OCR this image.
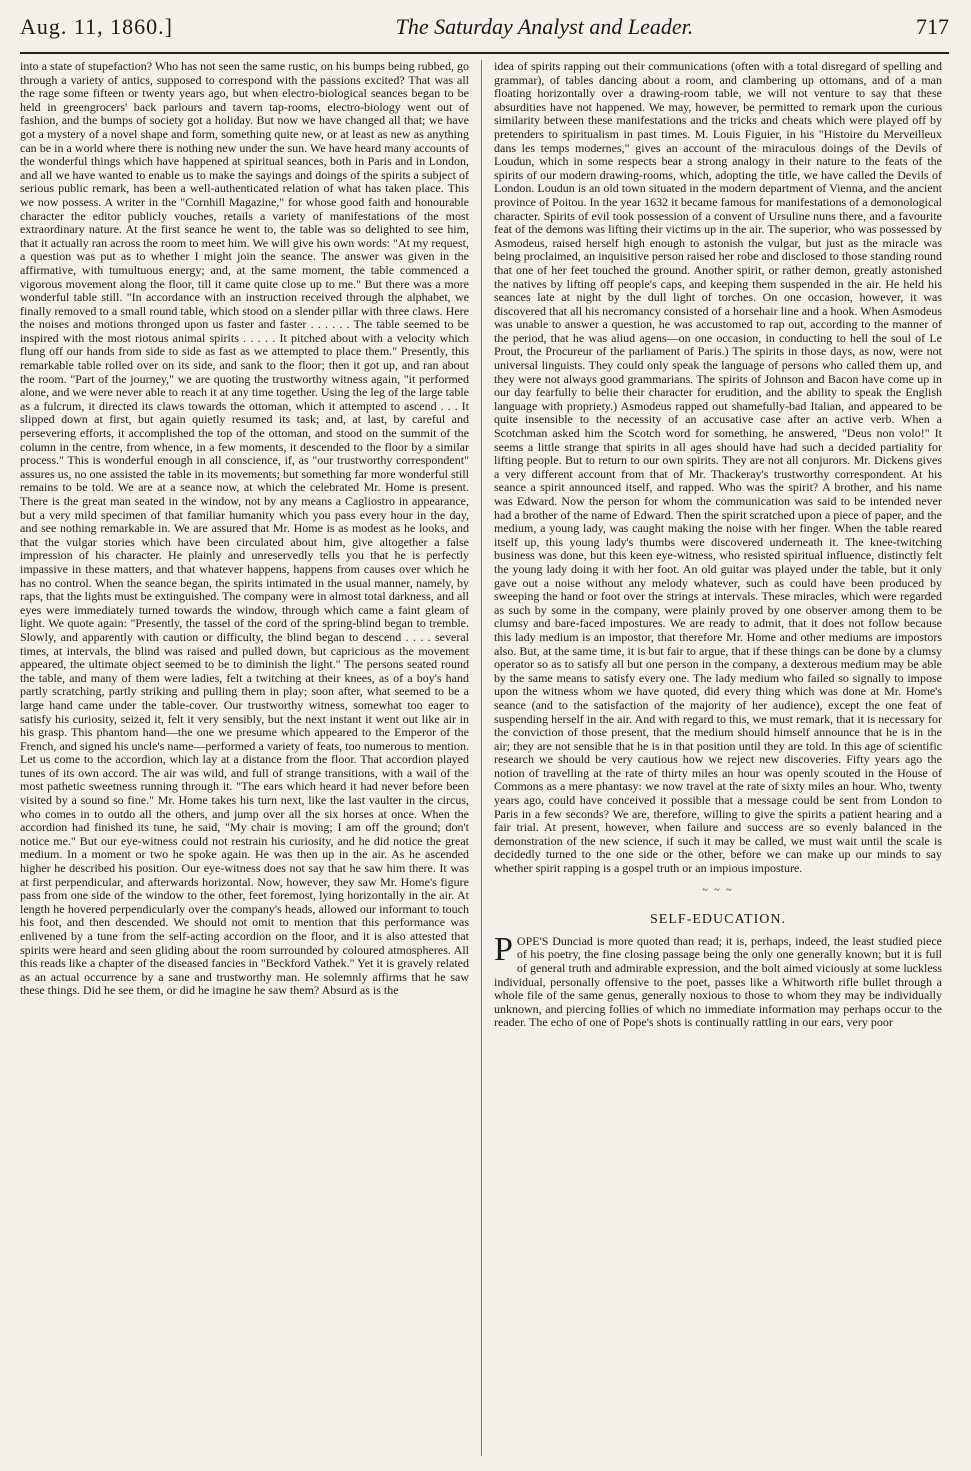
Aug. 11, 1860.]	The Saturday Analyst and Leader.	717

into a state of stupefaction? Who has not seen the same rustic, on his bumps being rubbed, go through a variety of antics, supposed to correspond with the passions excited? That was all the rage some fifteen or twenty years ago, but when electro-biological seances began to be held in greengrocers' back parlours and tavern tap-rooms, electro-biology went out of fashion, and the bumps of society got a holiday. But now we have changed all that; we have got a mystery of a novel shape and form, something quite new, or at least as new as anything can be in a world where there is nothing new under the sun. We have heard many accounts of the wonderful things which have happened at spiritual seances, both in Paris and in London, and all we have wanted to enable us to make the sayings and doings of the spirits a subject of serious public remark, has been a well-authenticated relation of what has taken place. This we now possess. A writer in the "Cornhill Magazine," for whose good faith and honourable character the editor publicly vouches, retails a variety of manifestations of the most extraordinary nature. At the first seance he went to, the table was so delighted to see him, that it actually ran across the room to meet him. We will give his own words: "At my request, a question was put as to whether I might join the seance. The answer was given in the affirmative, with tumultuous energy; and, at the same moment, the table commenced a vigorous movement along the floor, till it came quite close up to me." But there was a more wonderful table still. "In accordance with an instruction received through the alphabet, we finally removed to a small round table, which stood on a slender pillar with three claws. Here the noises and motions thronged upon us faster and faster . . . . . . The table seemed to be inspired with the most riotous animal spirits . . . . . It pitched about with a velocity which flung off our hands from side to side as fast as we attempted to place them." Presently, this remarkable table rolled over on its side, and sank to the floor; then it got up, and ran about the room. "Part of the journey," we are quoting the trustworthy witness again, "it performed alone, and we were never able to reach it at any time together. Using the leg of the large table as a fulcrum, it directed its claws towards the ottoman, which it attempted to ascend . . . It slipped down at first, but again quietly resumed its task; and, at last, by careful and persevering efforts, it accomplished the top of the ottoman, and stood on the summit of the column in the centre, from whence, in a few moments, it descended to the floor by a similar process." This is wonderful enough in all conscience, if, as "our trustworthy correspondent" assures us, no one assisted the table in its movements; but something far more wonderful still remains to be told. We are at a seance now, at which the celebrated Mr. Home is present. There is the great man seated in the window, not by any means a Cagliostro in appearance, but a very mild specimen of that familiar humanity which you pass every hour in the day, and see nothing remarkable in. We are assured that Mr. Home is as modest as he looks, and that the vulgar stories which have been circulated about him, give altogether a false impression of his character. He plainly and unreservedly tells you that he is perfectly impassive in these matters, and that whatever happens, happens from causes over which he has no control. When the seance began, the spirits intimated in the usual manner, namely, by raps, that the lights must be extinguished. The company were in almost total darkness, and all eyes were immediately turned towards the window, through which came a faint gleam of light. We quote again: "Presently, the tassel of the cord of the spring-blind began to tremble. Slowly, and apparently with caution or difficulty, the blind began to descend . . . . several times, at intervals, the blind was raised and pulled down, but capricious as the movement appeared, the ultimate object seemed to be to diminish the light." The persons seated round the table, and many of them were ladies, felt a twitching at their knees, as of a boy's hand partly scratching, partly striking and pulling them in play; soon after, what seemed to be a large hand came under the table-cover. Our trustworthy witness, somewhat too eager to satisfy his curiosity, seized it, felt it very sensibly, but the next instant it went out like air in his grasp. This phantom hand—the one we presume which appeared to the Emperor of the French, and signed his uncle's name—performed a variety of feats, too numerous to mention. Let us come to the accordion, which lay at a distance from the floor. That accordion played tunes of its own accord. The air was wild, and full of strange transitions, with a wail of the most pathetic sweetness running through it. "The ears which heard it had never before been visited by a sound so fine." Mr. Home takes his turn next, like the last vaulter in the circus, who comes in to outdo all the others, and jump over all the six horses at once. When the accordion had finished its tune, he said, "My chair is moving; I am off the ground; don't notice me." But our eye-witness could not restrain his curiosity, and he did notice the great medium. In a moment or two he spoke again. He was then up in the air. As he ascended higher he described his position. Our eye-witness does not say that he saw him there. It was at first perpendicular, and afterwards horizontal. Now, however, they saw Mr. Home's figure pass from one side of the window to the other, feet foremost, lying horizontally in the air. At length he hovered perpendicularly over the company's heads, allowed our informant to touch his foot, and then descended. We should not omit to mention that this performance was enlivened by a tune from the self-acting accordion on the floor, and it is also attested that spirits were heard and seen gliding about the room surrounded by coloured atmospheres. All this reads like a chapter of the diseased fancies in "Beckford Vathek." Yet it is gravely related as an actual occurrence by a sane and trustworthy man. He solemnly affirms that he saw these things. Did he see them, or did he imagine he saw them? Absurd as is the

idea of spirits rapping out their communications (often with a total disregard of spelling and grammar), of tables dancing about a room, and clambering up ottomans, and of a man floating horizontally over a drawing-room table, we will not venture to say that these absurdities have not happened. We may, however, be permitted to remark upon the curious similarity between these manifestations and the tricks and cheats which were played off by pretenders to spiritualism in past times. M. Louis Figuier, in his "Histoire du Merveilleux dans les temps modernes," gives an account of the miraculous doings of the Devils of Loudun, which in some respects bear a strong analogy in their nature to the feats of the spirits of our modern drawing-rooms, which, adopting the title, we have called the Devils of London. Loudun is an old town situated in the modern department of Vienna, and the ancient province of Poitou. In the year 1632 it became famous for manifestations of a demonological character. Spirits of evil took possession of a convent of Ursuline nuns there, and a favourite feat of the demons was lifting their victims up in the air. The superior, who was possessed by Asmodeus, raised herself high enough to astonish the vulgar, but just as the miracle was being proclaimed, an inquisitive person raised her robe and disclosed to those standing round that one of her feet touched the ground. Another spirit, or rather demon, greatly astonished the natives by lifting off people's caps, and keeping them suspended in the air. He held his seances late at night by the dull light of torches. On one occasion, however, it was discovered that all his necromancy consisted of a horsehair line and a hook. When Asmodeus was unable to answer a question, he was accustomed to rap out, according to the manner of the period, that he was aliud agens—on one occasion, in conducting to hell the soul of Le Prout, the Procureur of the parliament of Paris.) The spirits in those days, as now, were not universal linguists. They could only speak the language of persons who called them up, and they were not always good grammarians. The spirits of Johnson and Bacon have come up in our day fearfully to belie their character for erudition, and the ability to speak the English language with propriety.) Asmodeus rapped out shamefully-bad Italian, and appeared to be quite insensible to the necessity of an accusative case after an active verb. When a Scotchman asked him the Scotch word for something, he answered, "Deus non volo!" It seems a little strange that spirits in all ages should have had such a decided partiality for lifting people. But to return to our own spirits. They are not all conjurors. Mr. Dickens gives a very different account from that of Mr. Thackeray's trustworthy correspondent. At his seance a spirit announced itself, and rapped. Who was the spirit? A brother, and his name was Edward. Now the person for whom the communication was said to be intended never had a brother of the name of Edward. Then the spirit scratched upon a piece of paper, and the medium, a young lady, was caught making the noise with her finger. When the table reared itself up, this young lady's thumbs were discovered underneath it. The knee-twitching business was done, but this keen eye-witness, who resisted spiritual influence, distinctly felt the young lady doing it with her foot. An old guitar was played under the table, but it only gave out a noise without any melody whatever, such as could have been produced by sweeping the hand or foot over the strings at intervals. These miracles, which were regarded as such by some in the company, were plainly proved by one observer among them to be clumsy and bare-faced impostures. We are ready to admit, that it does not follow because this lady medium is an impostor, that therefore Mr. Home and other mediums are impostors also. But, at the same time, it is but fair to argue, that if these things can be done by a clumsy operator so as to satisfy all but one person in the company, a dexterous medium may be able by the same means to satisfy every one. The lady medium who failed so signally to impose upon the witness whom we have quoted, did every thing which was done at Mr. Home's seance (and to the satisfaction of the majority of her audience), except the one feat of suspending herself in the air. And with regard to this, we must remark, that it is necessary for the conviction of those present, that the medium should himself announce that he is in the air; they are not sensible that he is in that position until they are told. In this age of scientific research we should be very cautious how we reject new discoveries. Fifty years ago the notion of travelling at the rate of thirty miles an hour was openly scouted in the House of Commons as a mere phantasy: we now travel at the rate of sixty miles an hour. Who, twenty years ago, could have conceived it possible that a message could be sent from London to Paris in a few seconds? We are, therefore, willing to give the spirits a patient hearing and a fair trial. At present, however, when failure and success are so evenly balanced in the demonstration of the new science, if such it may be called, we must wait until the scale is decidedly turned to the one side or the other, before we can make up our minds to say whether spirit rapping is a gospel truth or an impious imposture.

~ ~ ~
SELF-EDUCATION.

P OPE'S Dunciad is more quoted than read; it is, perhaps, indeed, the least studied piece of his poetry, the fine closing passage being the only one generally known; but it is full of general truth and admirable expression, and the bolt aimed viciously at some luckless individual, personally offensive to the poet, passes like a Whitworth rifle bullet through a whole file of the same genus, generally noxious to those to whom they may be individually unknown, and piercing follies of which no immediate information may perhaps occur to the reader. The echo of one of Pope's shots is continually rattling in our ears, very poor
